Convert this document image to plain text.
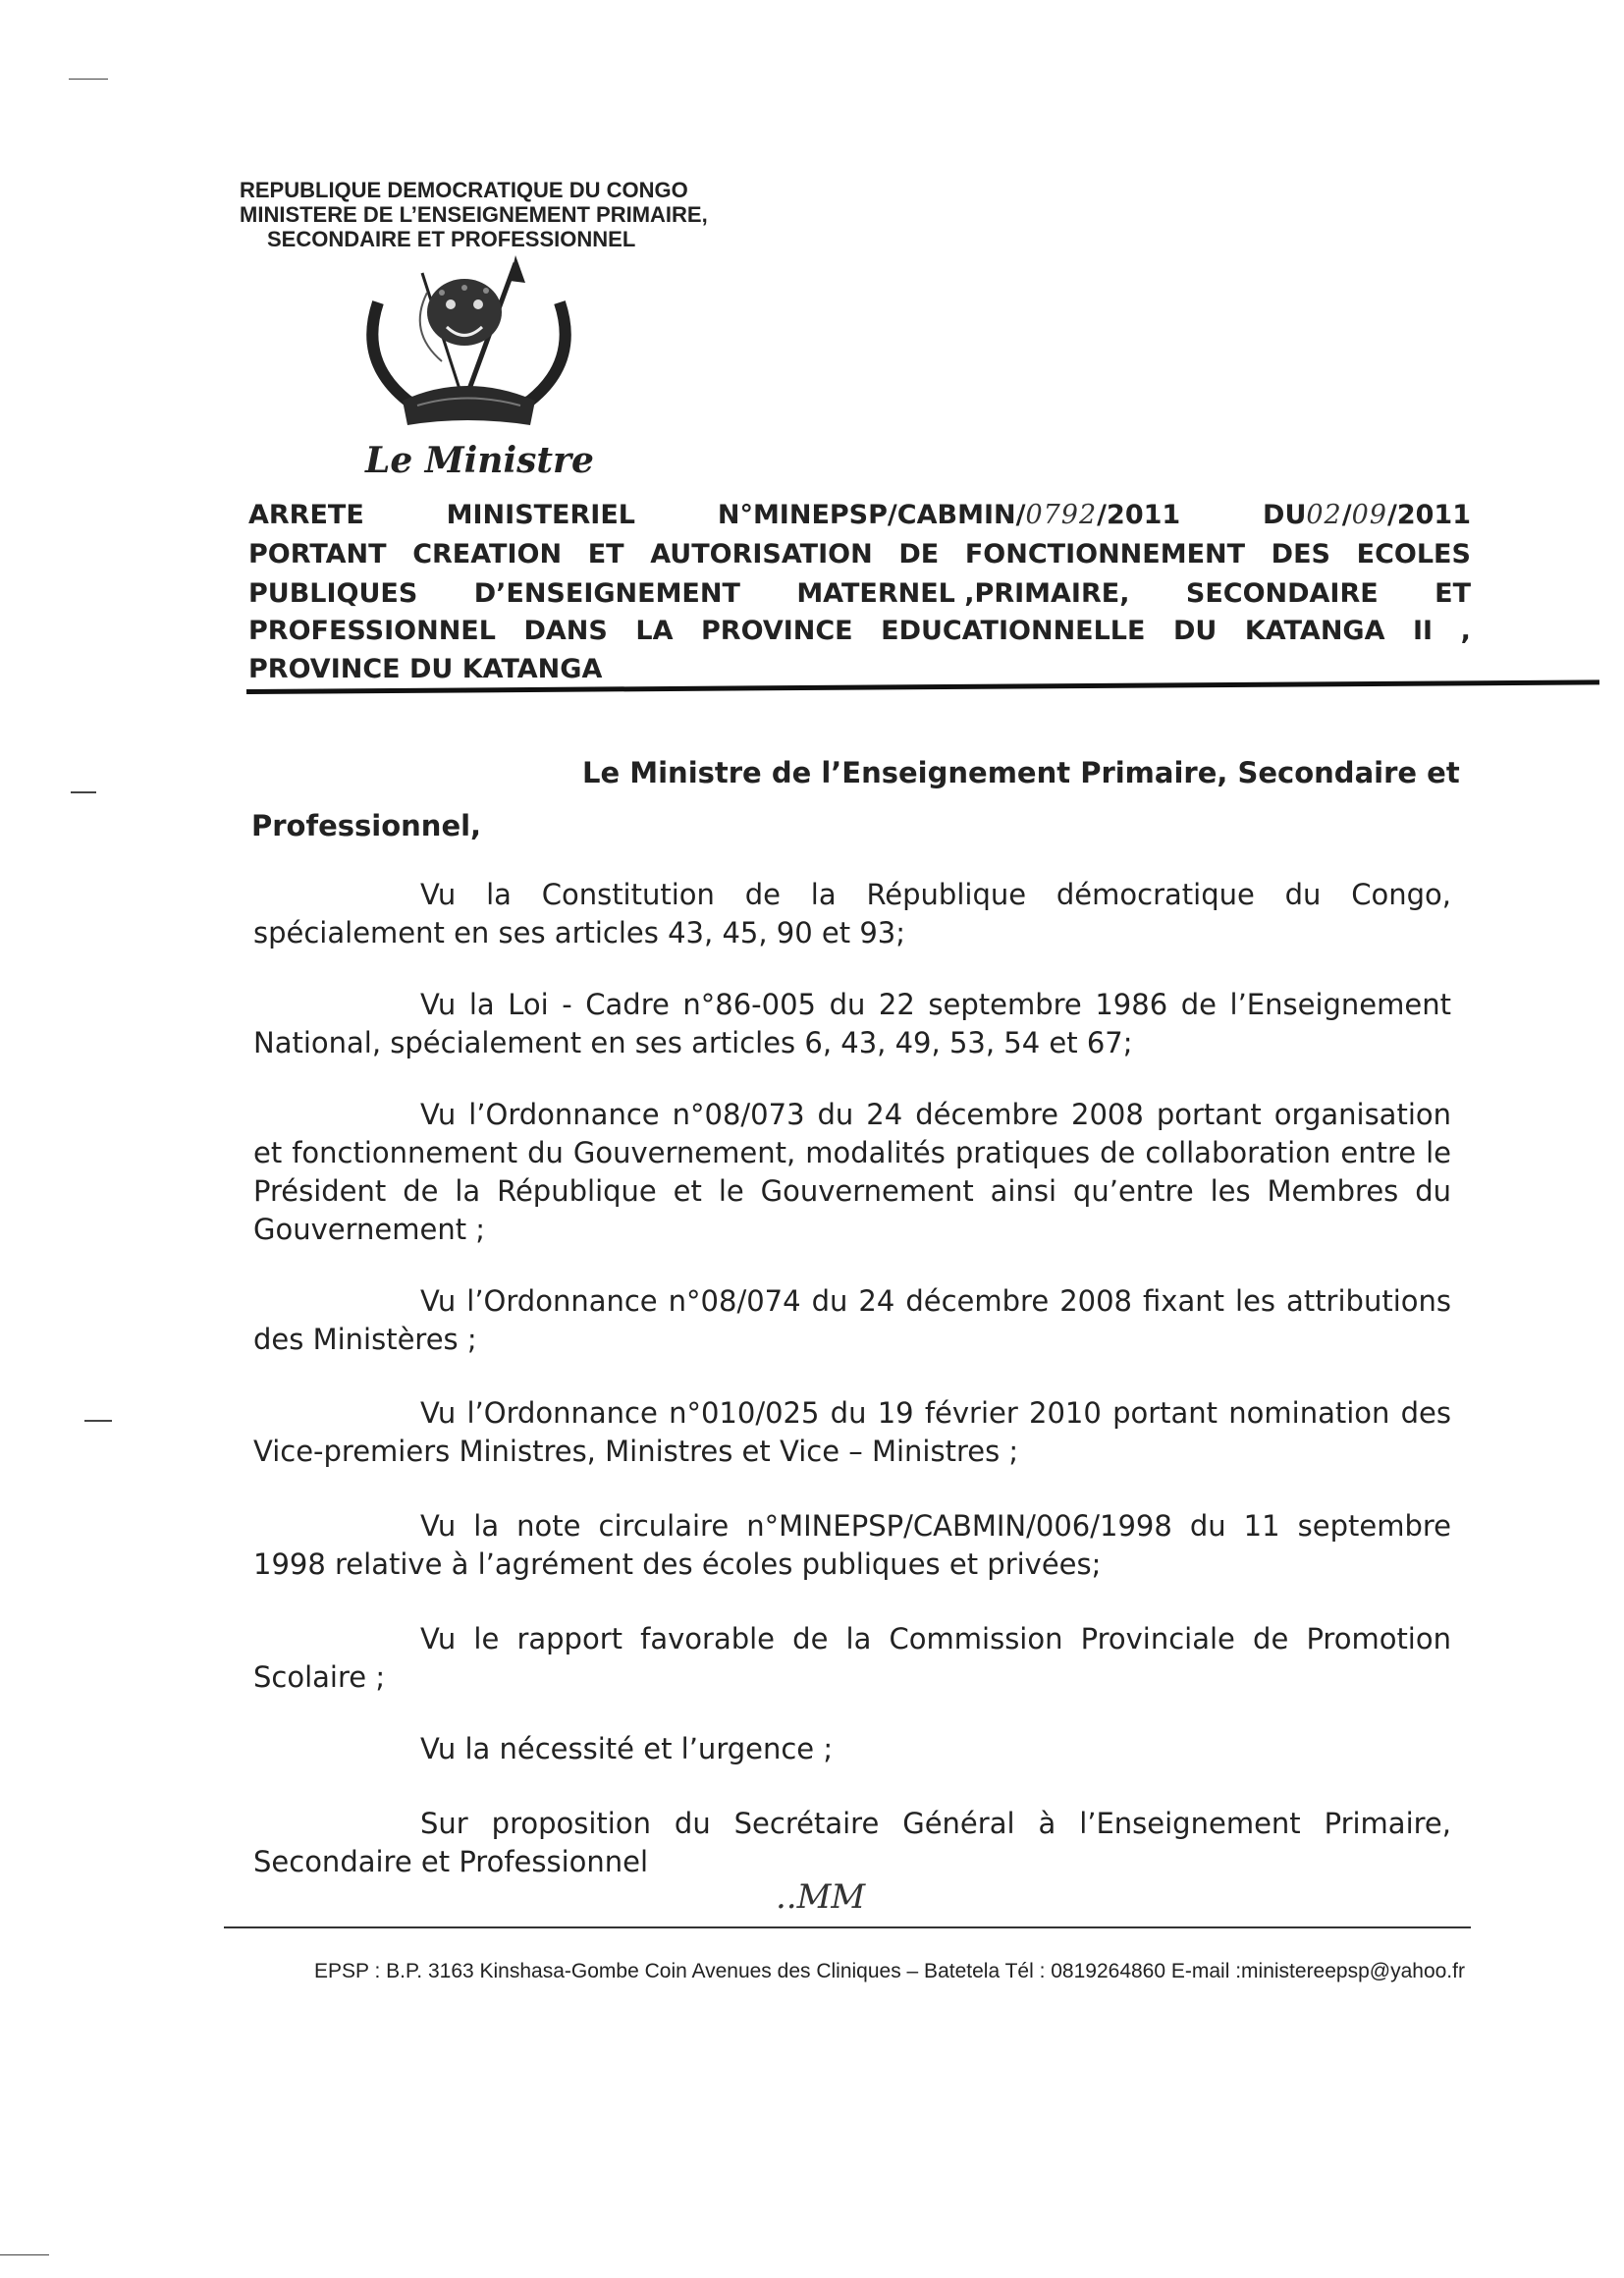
REPUBLIQUE DEMOCRATIQUE DU CONGO
MINISTERE DE L’ENSEIGNEMENT PRIMAIRE,
SECONDAIRE ET PROFESSIONNEL
Le Ministre
ARRETE	MINISTERIEL	N°MINEPSP/CABMIN/0792/2011	DU02/09/2011
PORTANT CREATION ET AUTORISATION DE FONCTIONNEMENT DES ECOLES
PUBLIQUES D’ENSEIGNEMENT MATERNEL ,PRIMAIRE, SECONDAIRE ET
PROFESSIONNEL DANS LA PROVINCE EDUCATIONNELLE DU KATANGA II ,
PROVINCE DU KATANGA
Le Ministre de l’Enseignement Primaire, Secondaire et
Professionnel,
Vu la Constitution de la République démocratique du Congo, spécialement en ses articles 43, 45, 90 et 93;
Vu la Loi - Cadre n°86-005 du 22 septembre 1986 de l’Enseignement National, spécialement en ses articles 6, 43, 49, 53, 54 et 67;
Vu l’Ordonnance n°08/073 du 24 décembre 2008 portant organisation et fonctionnement du Gouvernement, modalités pratiques de collaboration entre le Président de la République et le Gouvernement ainsi qu’entre les Membres du Gouvernement ;
Vu l’Ordonnance n°08/074 du 24 décembre 2008 fixant les attributions des Ministères ;
Vu l’Ordonnance n°010/025 du 19 février 2010 portant nomination des Vice-premiers Ministres, Ministres et Vice – Ministres ;
Vu la note circulaire n°MINEPSP/CABMIN/006/1998 du 11 septembre 1998 relative à l’agrément des écoles publiques et privées;
Vu le rapport favorable de la Commission Provinciale de Promotion Scolaire ;
Vu la nécessité et l’urgence ;
Sur proposition du Secrétaire Général à l’Enseignement Primaire, Secondaire et Professionnel
..MM
EPSP : B.P. 3163 Kinshasa-Gombe Coin Avenues des Cliniques – Batetela Tél : 0819264860 E-mail :ministereepsp@yahoo.fr
